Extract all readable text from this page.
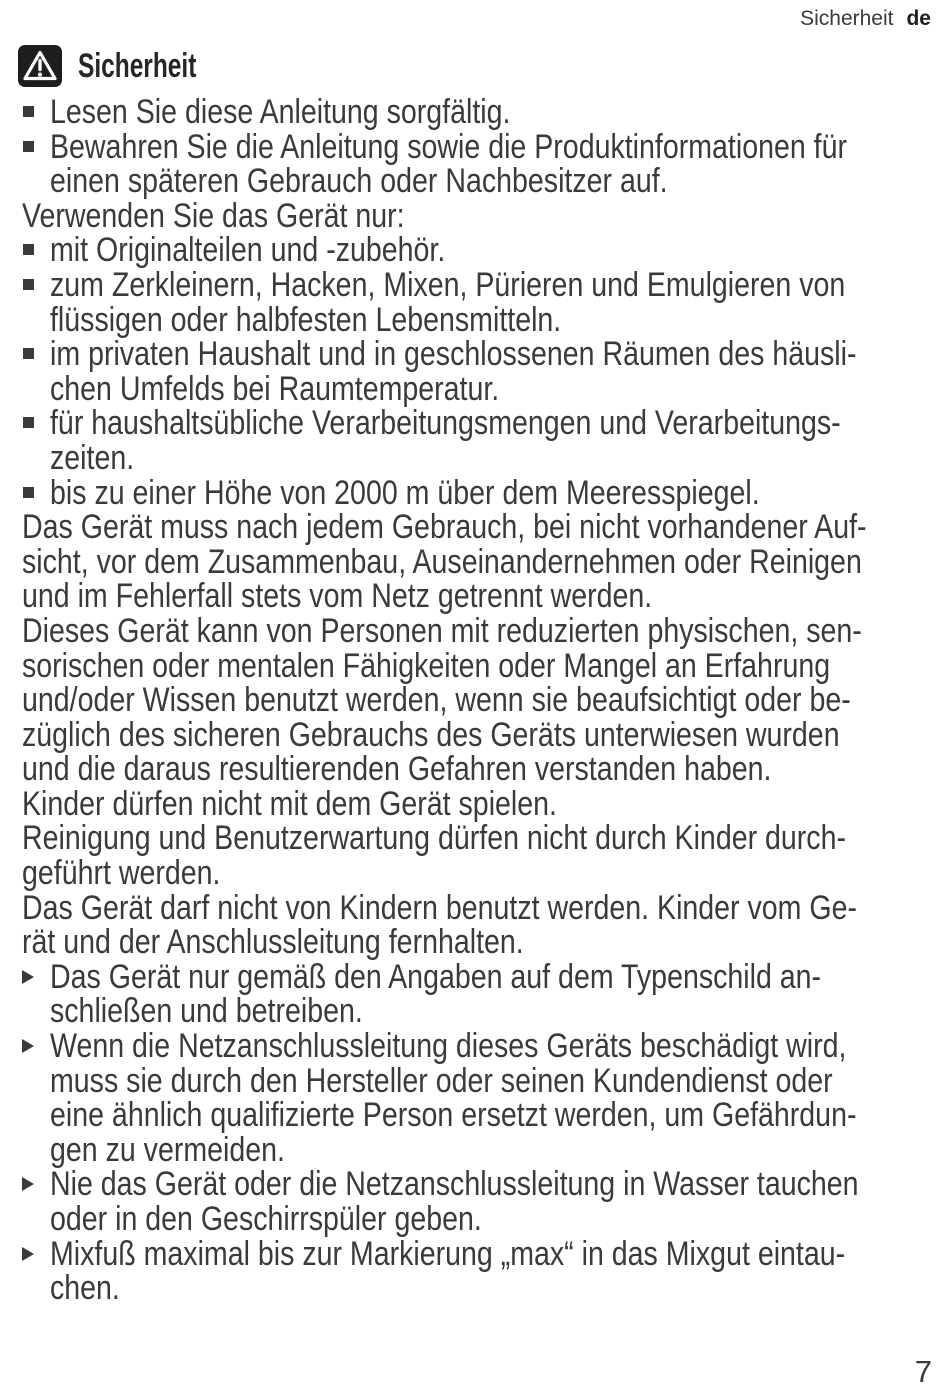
Sicherheit de
Sicherheit
Lesen Sie diese Anleitung sorgfältig.
Bewahren Sie die Anleitung sowie die Produktinformationen für
einen späteren Gebrauch oder Nachbesitzer auf.
Verwenden Sie das Gerät nur:
mit Originalteilen und -zubehör.
zum Zerkleinern, Hacken, Mixen, Pürieren und Emulgieren von
flüssigen oder halbfesten Lebensmitteln.
im privaten Haushalt und in geschlossenen Räumen des häusli-
chen Umfelds bei Raumtemperatur.
für haushaltsübliche Verarbeitungsmengen und Verarbeitungs-
zeiten.
bis zu einer Höhe von 2000 m über dem Meeresspiegel.
Das Gerät muss nach jedem Gebrauch, bei nicht vorhandener Auf-
sicht, vor dem Zusammenbau, Auseinandernehmen oder Reinigen
und im Fehlerfall stets vom Netz getrennt werden.
Dieses Gerät kann von Personen mit reduzierten physischen, sen-
sorischen oder mentalen Fähigkeiten oder Mangel an Erfahrung
und/oder Wissen benutzt werden, wenn sie beaufsichtigt oder be-
züglich des sicheren Gebrauchs des Geräts unterwiesen wurden
und die daraus resultierenden Gefahren verstanden haben.
Kinder dürfen nicht mit dem Gerät spielen.
Reinigung und Benutzerwartung dürfen nicht durch Kinder durch-
geführt werden.
Das Gerät darf nicht von Kindern benutzt werden. Kinder vom Ge-
rät und der Anschlussleitung fernhalten.
Das Gerät nur gemäß den Angaben auf dem Typenschild an-
schließen und betreiben.
Wenn die Netzanschlussleitung dieses Geräts beschädigt wird,
muss sie durch den Hersteller oder seinen Kundendienst oder
eine ähnlich qualifizierte Person ersetzt werden, um Gefährdun-
gen zu vermeiden.
Nie das Gerät oder die Netzanschlussleitung in Wasser tauchen
oder in den Geschirrspüler geben.
Mixfuß maximal bis zur Markierung „max“ in das Mixgut eintau-
chen.
7
